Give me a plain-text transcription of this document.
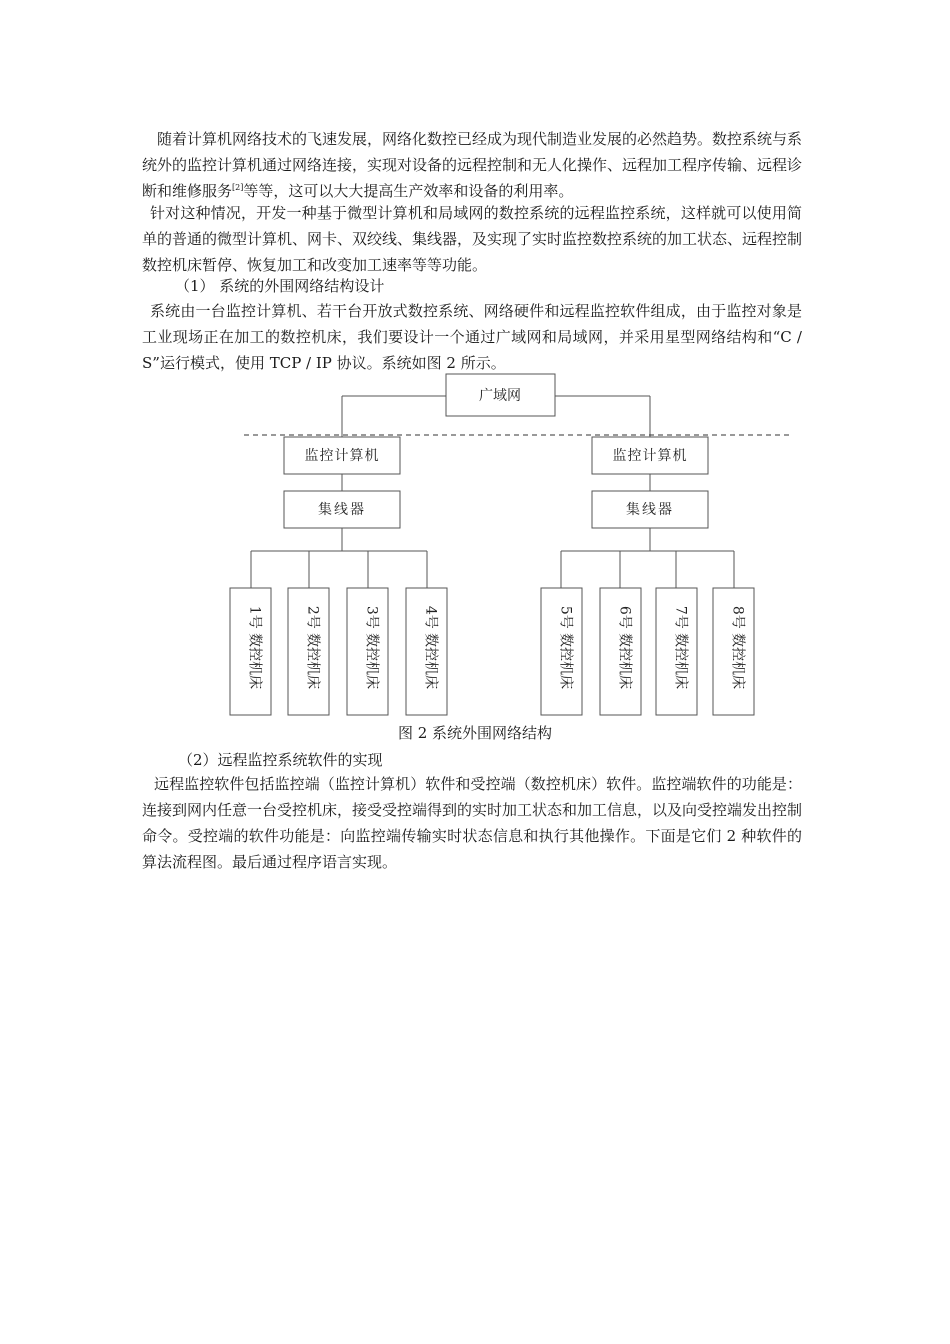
随着计算机网络技术的飞速发展，网络化数控已经成为现代制造业发展的必然趋势。数控系统与系统外的监控计算机通过网络连接，实现对设备的远程控制和无人化操作、远程加工程序传输、远程诊断和维修服务[2]等等，这可以大大提高生产效率和设备的利用率。

针对这种情况，开发一种基于微型计算机和局域网的数控系统的远程监控系统，这样就可以使用简单的普通的微型计算机、网卡、双绞线、集线器，及实现了实时监控数控系统的加工状态、远程控制数控机床暂停、恢复加工和改变加工速率等等功能。

（1） 系统的外围网络结构设计

系统由一台监控计算机、若干台开放式数控系统、网络硬件和远程监控软件组成，由于监控对象是工业现场正在加工的数控机床，我们要设计一个通过广域网和局域网，并采用星型网络结构和“C / S”运行模式，使用 TCP / IP 协议。系统如图 2 所示。

1号 数控机床
2号 数控机床
3号 数控机床
4号 数控机床
5号 数控机床
6号 数控机床
7号 数控机床
8号 数控机床
广域网
监控计算机	监控计算机
集线器	集线器
图 2 系统外围网络结构

（2）远程监控系统软件的实现

远程监控软件包括监控端（监控计算机）软件和受控端（数控机床）软件。监控端软件的功能是：连接到网内任意一台受控机床，接受受控端得到的实时加工状态和加工信息，以及向受控端发出控制命令。受控端的软件功能是：向监控端传输实时状态信息和执行其他操作。下面是它们 2 种软件的算法流程图。最后通过程序语言实现。
